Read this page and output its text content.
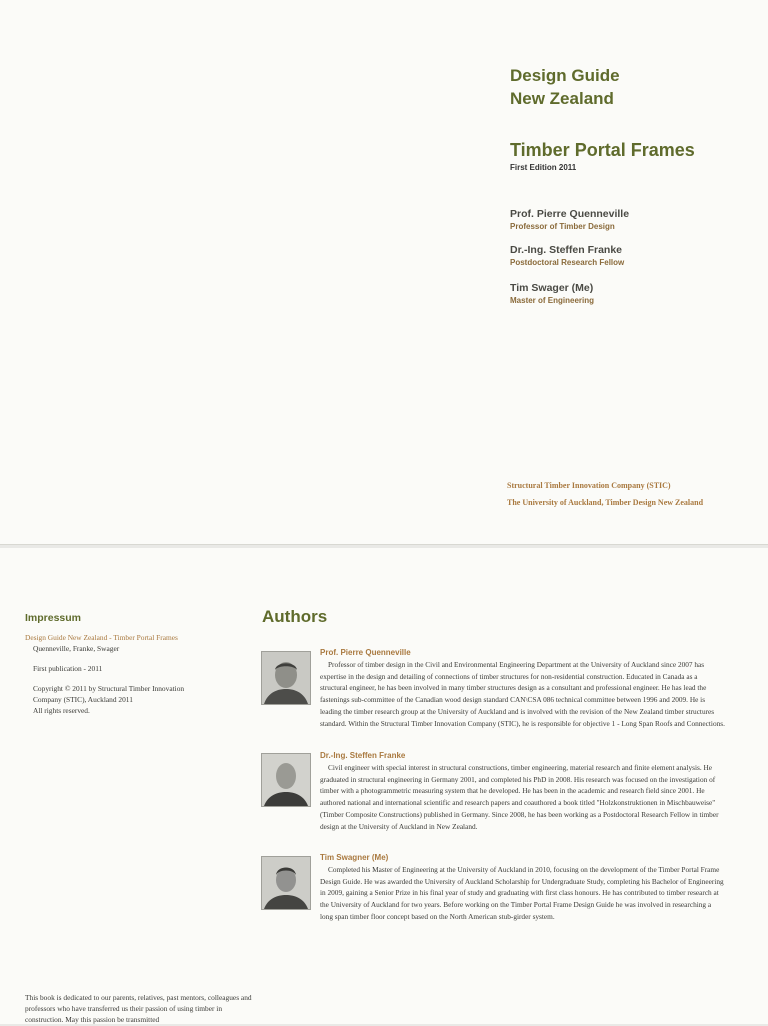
Design Guide
New Zealand
Timber Portal Frames
First Edition 2011
Prof. Pierre Quenneville
Professor of Timber Design
Dr.-Ing. Steffen Franke
Postdoctoral Research Fellow
Tim Swager (Me)
Master of Engineering
Structural Timber Innovation Company (STIC)
The University of Auckland, Timber Design New Zealand
Impressum

Design Guide New Zealand - Timber Portal Frames

Quenneville, Franke, Swager

First publication - 2011

Copyright © 2011 by Structural Timber Innovation

Company (STIC), Auckland 2011

All rights reserved.

Authors
Prof. Pierre Quenneville

Professor of timber design in the Civil and Environmental Engineering Department at the University of Auckland since 2007 has expertise in the design and detailing of connections of timber structures for non-residential construction. Educated in Canada as a structural engineer, he has been involved in many timber structures design as a consultant and professional engineer. He has lead the fastenings sub-committee of the Canadian wood design standard CAN\CSA 086 technical committee between 1996 and 2009. He is leading the timber research group at the University of Auckland and is involved with the revision of the New Zealand timber structures standard. Within the Structural Timber Innovation Company (STIC), he is responsible for objective 1 - Long Span Roofs and Connections.

Dr.-Ing. Steffen Franke

Civil engineer with special interest in structural constructions, timber engineering, material research and finite element analysis. He graduated in structural engineering in Germany 2001, and completed his PhD in 2008. His research was focused on the investigation of timber with a photogrammetric measuring system that he developed. He has been in the academic and research field since 2001. He authored national and international scientific and research papers and coauthored a book titled "Holzkonstruktionen in Mischbauweise" (Timber Composite Constructions) published in Germany. Since 2008, he has been working as a Postdoctoral Research Fellow in timber design at the University of Auckland in New Zealand.

Tim Swagner (Me)

Completed his Master of Engineering at the University of Auckland in 2010, focusing on the development of the Timber Portal Frame Design Guide. He was awarded the University of Auckland Scholarship for Undergraduate Study, completing his Bachelor of Engineering in 2009, gaining a Senior Prize in his final year of study and graduating with first class honours. He has contributed to timber research at the University of Auckland for two years. Before working on the Timber Portal Frame Design Guide he was involved in researching a long span timber floor concept based on the North American stub-girder system.

This book is dedicated to our parents, relatives, past mentors, colleagues and professors who have transferred us their passion of using timber in construction. May this passion be transmitted
